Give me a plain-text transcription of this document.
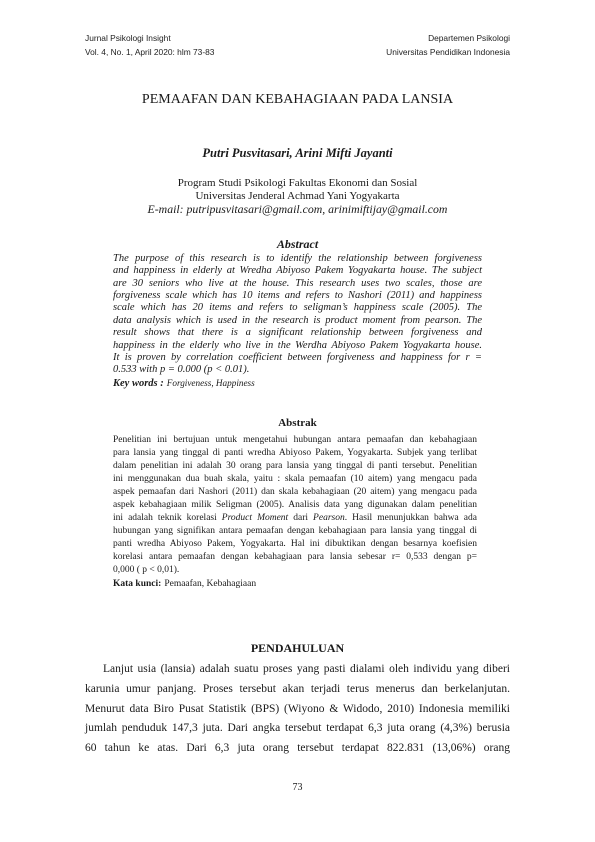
Jurnal Psikologi Insight
Vol. 4, No. 1, April 2020: hlm 73-83
Departemen Psikologi
Universitas Pendidikan Indonesia
PEMAAFAN DAN KEBAHAGIAAN PADA LANSIA
Putri Pusvitasari, Arini Mifti Jayanti
Program Studi Psikologi Fakultas Ekonomi dan Sosial
Universitas Jenderal Achmad Yani Yogyakarta
E-mail: putripusvitasari@gmail.com, arinimiftijay@gmail.com
Abstract
The purpose of this research is to identify the relationship between forgiveness
and happiness in elderly at Wredha Abiyoso Pakem Yogyakarta house. The subject
are 30 seniors who live at the house. This research uses two scales, those are
forgiveness scale which has 10 items and refers to Nashori (2011) and happiness
scale which has 20 items and refers to seligman’s happiness scale (2005). The
data analysis which is used in the research is product moment from pearson. The
result shows that there is a significant relationship between forgiveness and
happiness in the elderly who live in the Werdha Abiyoso Pakem Yogyakarta house.
It is proven by correlation coefficient between forgiveness and happiness for r =
0.533 with p = 0.000 (p < 0.01).
Key words : Forgiveness, Happiness
Abstrak
Penelitian ini bertujuan untuk mengetahui hubungan antara pemaafan dan kebahagiaan
para lansia yang tinggal di panti wredha Abiyoso Pakem, Yogyakarta. Subjek yang terlibat
dalam penelitian ini adalah 30 orang para lansia yang tinggal di panti tersebut. Penelitian
ini menggunakan dua buah skala, yaitu : skala pemaafan (10 aitem) yang mengacu pada
aspek pemaafan dari Nashori (2011) dan skala kebahagiaan (20 aitem) yang mengacu pada
aspek kebahagiaan milik Seligman (2005). Analisis data yang digunakan dalam penelitian
ini adalah teknik korelasi Product Moment dari Pearson. Hasil menunjukkan bahwa ada
hubungan yang signifikan antara pemaafan dengan kebahagiaan para lansia yang tinggal di
panti wredha Abiyoso Pakem, Yogyakarta. Hal ini dibuktikan dengan besarnya koefisien
korelasi antara pemaafan dengan kebahagiaan para lansia sebesar r= 0,533 dengan p=
0,000 ( p < 0,01).
Kata kunci: Pemaafan, Kebahagiaan
PENDAHULUAN
Lanjut usia (lansia) adalah suatu proses yang pasti dialami oleh individu yang diberi
karunia umur panjang. Proses tersebut akan terjadi terus menerus dan berkelanjutan.
Menurut data Biro Pusat Statistik (BPS) (Wiyono & Widodo, 2010) Indonesia memiliki
jumlah penduduk 147,3 juta. Dari angka tersebut terdapat 6,3 juta orang (4,3%) berusia
60 tahun ke atas. Dari 6,3 juta orang tersebut terdapat 822.831 (13,06%) orang
73
